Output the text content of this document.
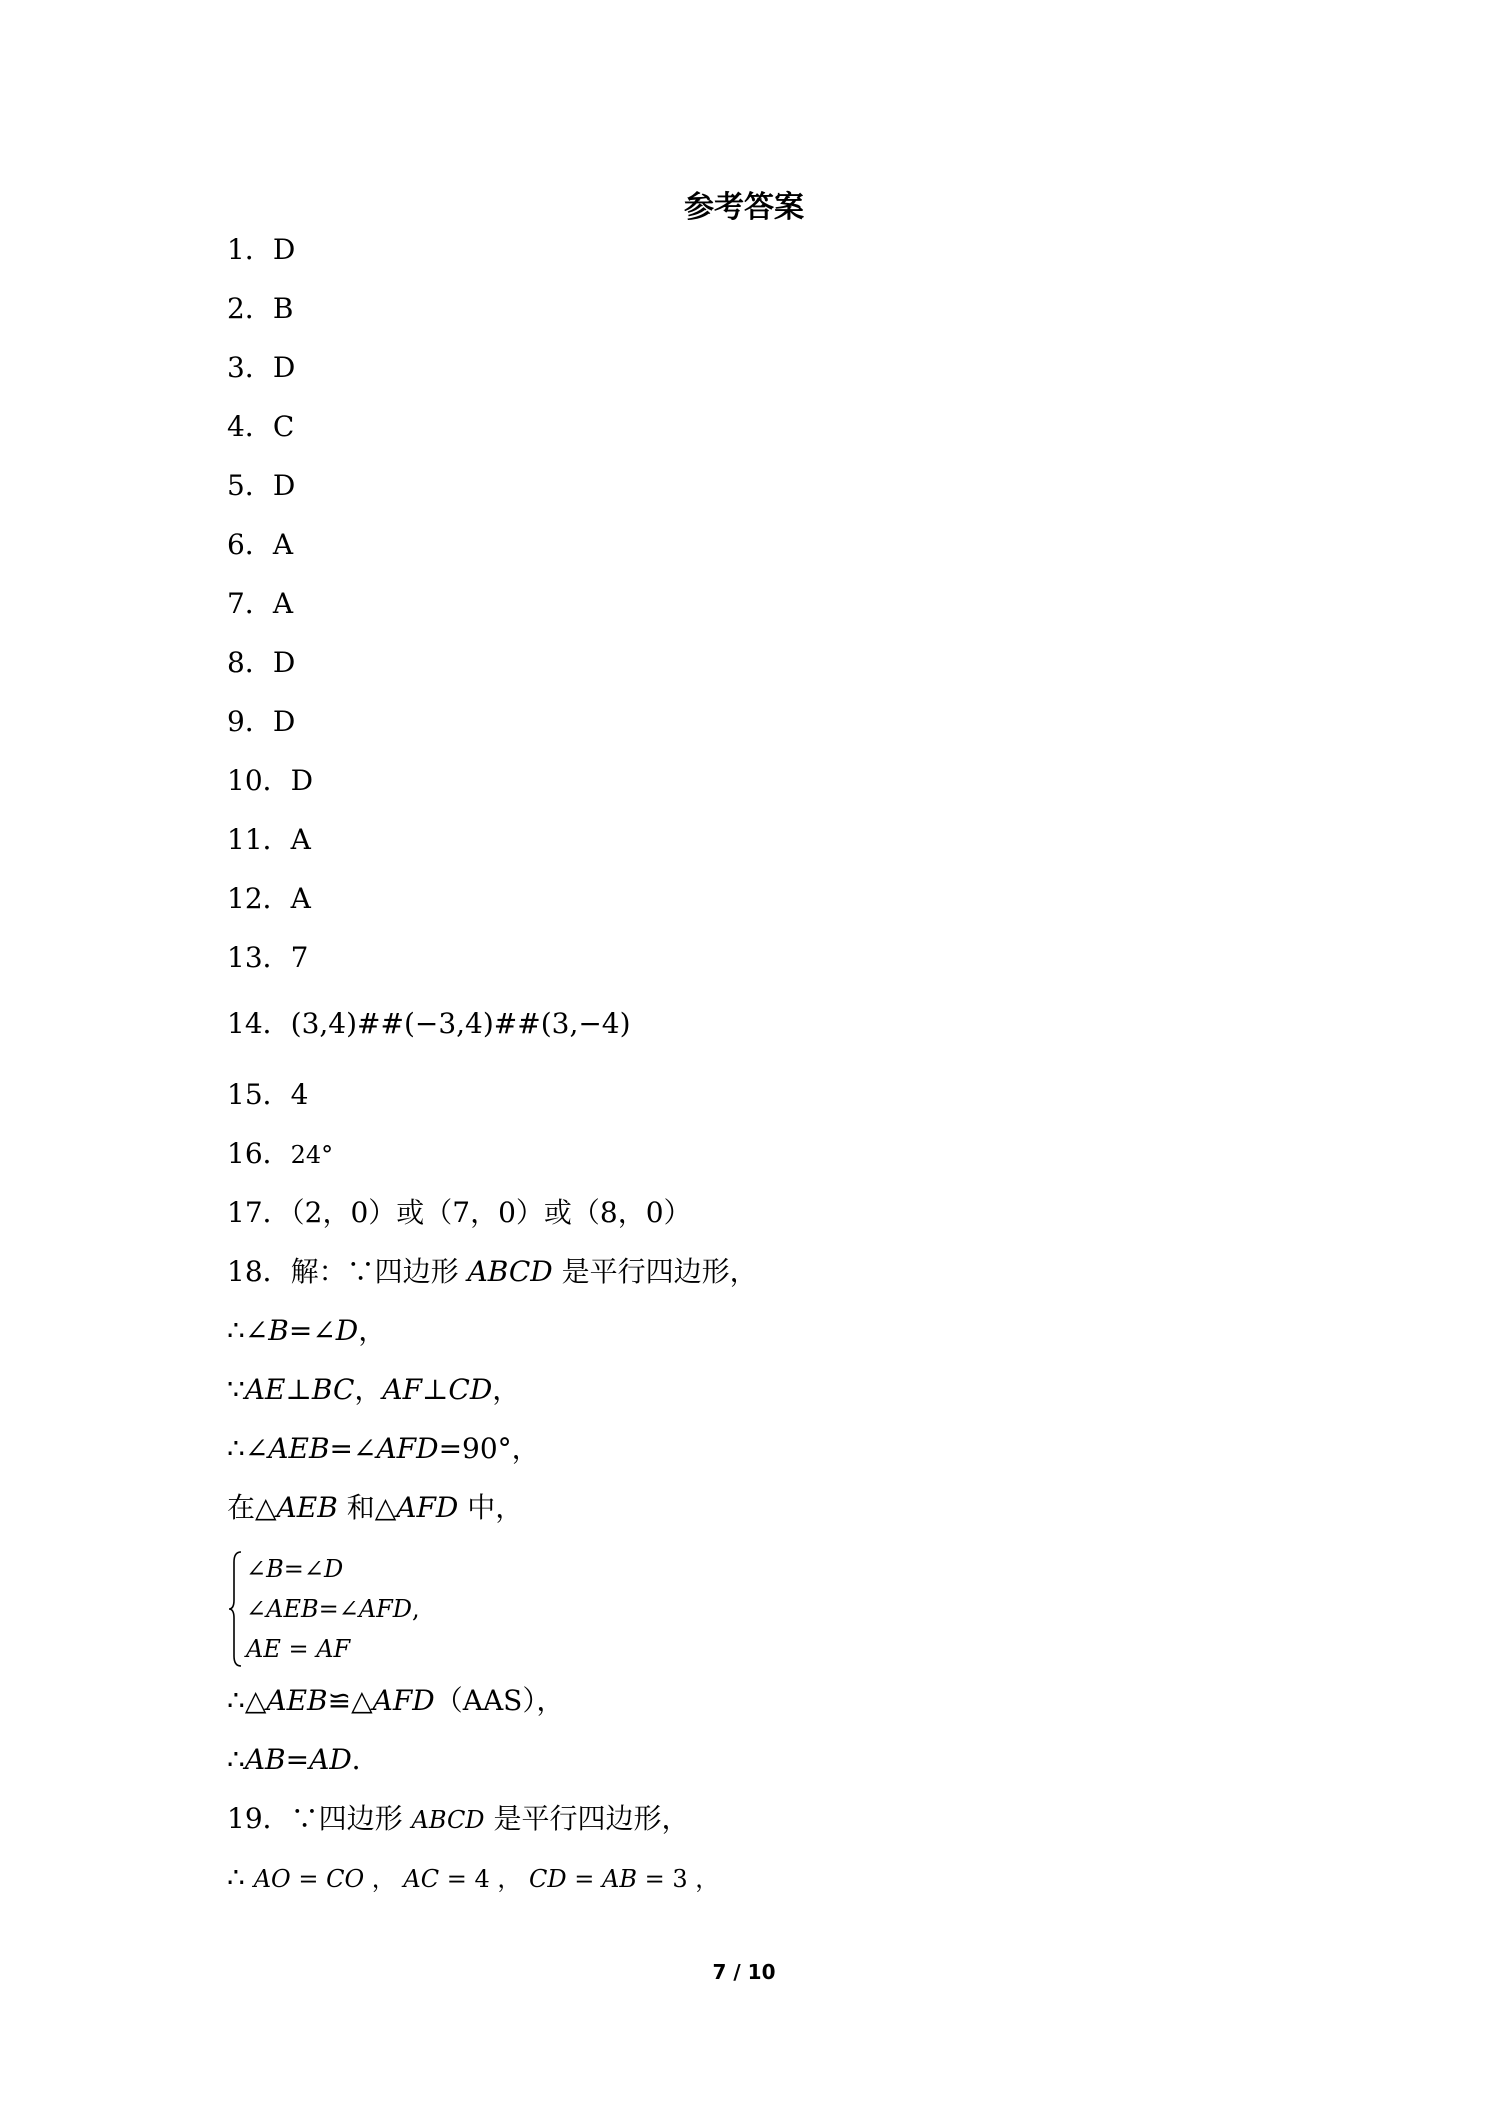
参考答案
1．D
2．B
3．D
4．C
5．D
6．A
7．A
8．D
9．D
10．D
11．A
12．A
13．7
14．(3,4)##(−3,4)##(3,−4)
15．4
16．24°
17．（2，0）或（7，0）或（8，0）
18．解：∵四边形 ABCD 是平行四边形，
∴∠B=∠D，
∵AE⊥BC，AF⊥CD，
∴∠AEB=∠AFD=90°，
在△AEB 和△AFD 中，
∠B=∠D
∠AEB=∠AFD,
AE = AF
∴△AEB≌△AFD（AAS），
∴AB=AD．
19．∵四边形 ABCD 是平行四边形，
∴ AO = CO ， AC = 4 ， CD = AB = 3 ，
7 / 10
